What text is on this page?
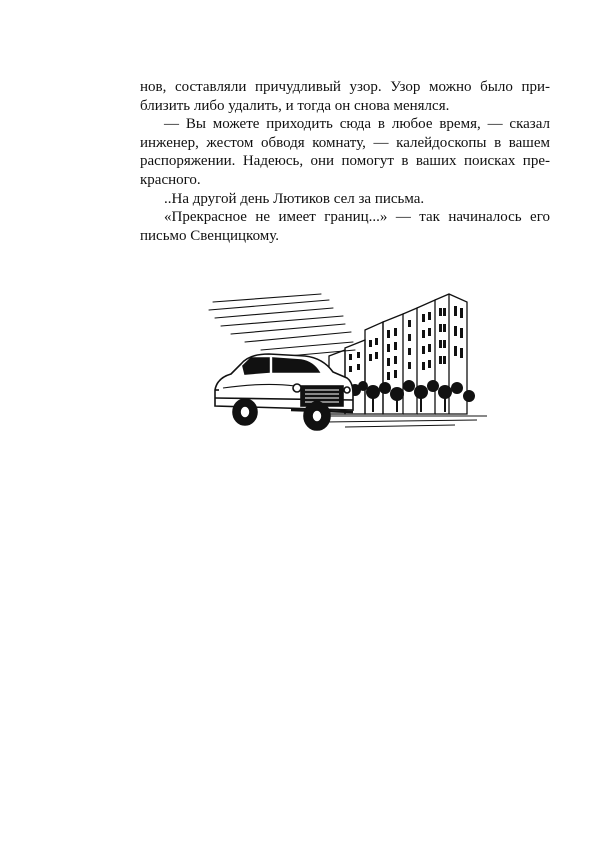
нов, составляли причудливый узор. Узор можно было при-
близить либо удалить, и тогда он снова менялся.
— Вы можете приходить сюда в любое время, — сказал
инженер, жестом обводя комнату, — калейдоскопы в вашем
распоряжении. Надеюсь, они помогут в ваших поисках пре-
красного.
..На другой день Лютиков сел за письма.
«Прекрасное не имеет границ...» — так начиналось его
письмо Свенцицкому.
